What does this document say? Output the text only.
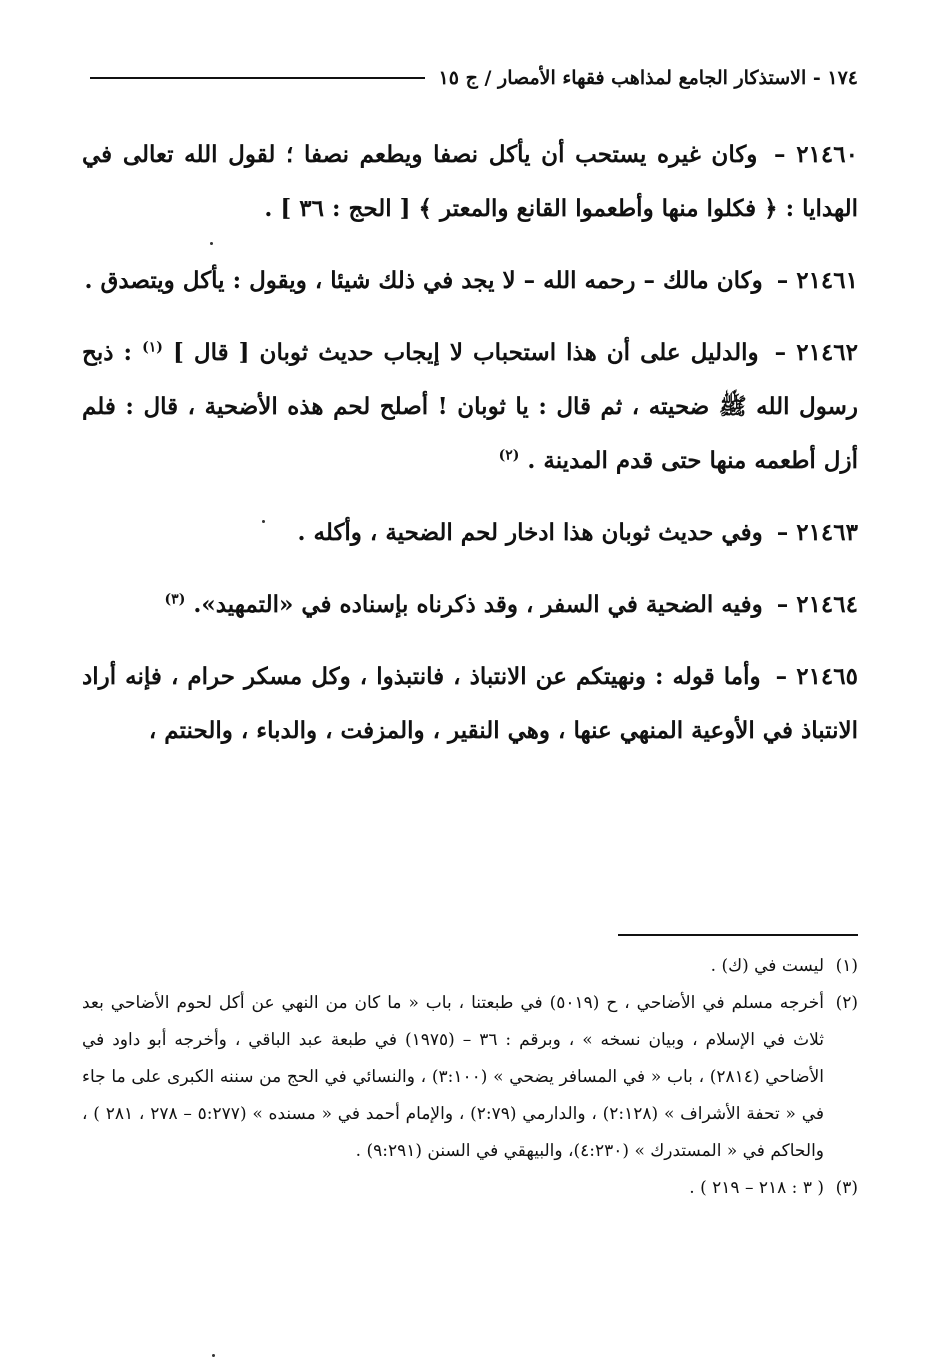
١٧٤ - الاستذكار الجامع لمذاهب فقهاء الأمصار / ج ١٥

٢١٤٦٠ – وكان غيره يستحب أن يأكل نصفا ويطعم نصفا ؛ لقول الله تعالى في الهدايا : ﴿ فكلوا منها وأطعموا القانع والمعتر ﴾ [ الحج : ٣٦ ] .

٢١٤٦١ – وكان مالك – رحمه الله – لا يجد في ذلك شيئا ، ويقول : يأكل ويتصدق .

٢١٤٦٢ – والدليل على أن هذا استحباب لا إيجاب حديث ثوبان [ قال ] $^{(١)}$ : ذبح رسول الله ﷺ ضحيته ، ثم قال : يا ثوبان ! أصلح لحم هذه الأضحية ، قال : فلم أزل أطعمه منها حتى قدم المدينة . $^{(٢)}$

٢١٤٦٣ – وفي حديث ثوبان هذا ادخار لحم الضحية ، وأكله .

٢١٤٦٤ – وفيه الضحية في السفر ، وقد ذكرناه بإسناده في «التمهيد». $^{(٣)}$

٢١٤٦٥ – وأما قوله : ونهيتكم عن الانتباذ ، فانتبذوا ، وكل مسكر حرام ، فإنه أراد الانتباذ في الأوعية المنهي عنها ، وهي النقير ، والمزفت ، والدباء ، والحنتم ،

(١)ليست في (ك) .

(٢)أخرجه مسلم في الأضاحي ، ح (٥٠١٩) في طبعتنا ، باب « ما كان من النهي عن أكل لحوم الأضاحي بعد ثلاث في الإسلام ، وبيان نسخه » ، وبرقم : ٣٦ – (١٩٧٥) في طبعة عبد الباقي ، وأخرجه أبو داود في الأضاحي (٢٨١٤) ، باب « في المسافر يضحي » (٣:١٠٠) ، والنسائي في الحج من سننه الكبرى على ما جاء في « تحفة الأشراف » (٢:١٢٨) ، والدارمي (٢:٧٩) ، والإمام أحمد في « مسنده » (٥:٢٧٧ – ٢٧٨ ، ٢٨١ ) ، والحاكم في « المستدرك » (٤:٢٣٠)، والبيهقي في السنن (٩:٢٩١) .

(٣)( ٣ : ٢١٨ – ٢١٩ ) .
